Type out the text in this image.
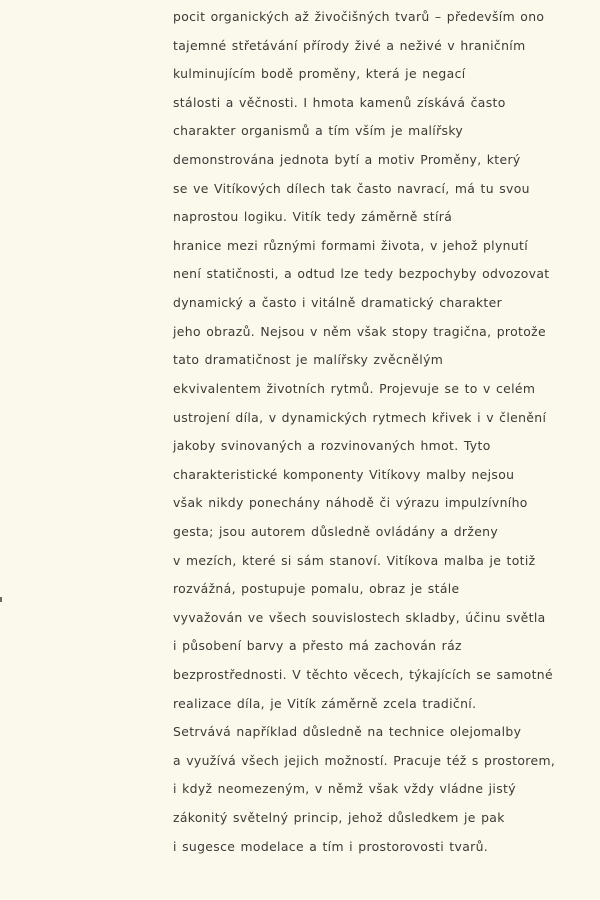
pocit organických až živočišných tvarů – především ono
tajemné střetávání přírody živé a neživé v hraničním
kulminujícím bodě proměny, která je negací
stálosti a věčnosti. I hmota kamenů získává často
charakter organismů a tím vším je malířsky
demonstrována jednota bytí a motiv Proměny, který
se ve Vitíkových dílech tak často navrací, má tu svou
naprostou logiku. Vitík tedy záměrně stírá
hranice mezi různými formami života, v jehož plynutí
není statičnosti, a odtud lze tedy bezpochyby odvozovat
dynamický a často i vitálně dramatický charakter
jeho obrazů. Nejsou v něm však stopy tragična, protože
tato dramatičnost je malířsky zvěcnělým
ekvivalentem životních rytmů. Projevuje se to v celém
ustrojení díla, v dynamických rytmech křivek i v členění
jakoby svinovaných a rozvinovaných hmot. Tyto
charakteristické komponenty Vitíkovy malby nejsou
však nikdy ponechány náhodě či výrazu impulzívního
gesta; jsou autorem důsledně ovládány a drženy
v mezích, které si sám stanoví. Vitíkova malba je totiž
rozvážná, postupuje pomalu, obraz je stále
vyvažován ve všech souvislostech skladby, účinu světla
i působení barvy a přesto má zachován ráz
bezprostřednosti. V těchto věcech, týkajících se samotné
realizace díla, je Vitík záměrně zcela tradiční.
Setrvává například důsledně na technice olejomalby
a využívá všech jejich možností. Pracuje též s prostorem,
i když neomezeným, v němž však vždy vládne jistý
zákonitý světelný princip, jehož důsledkem je pak
i sugesce modelace a tím i prostorovosti tvarů.
